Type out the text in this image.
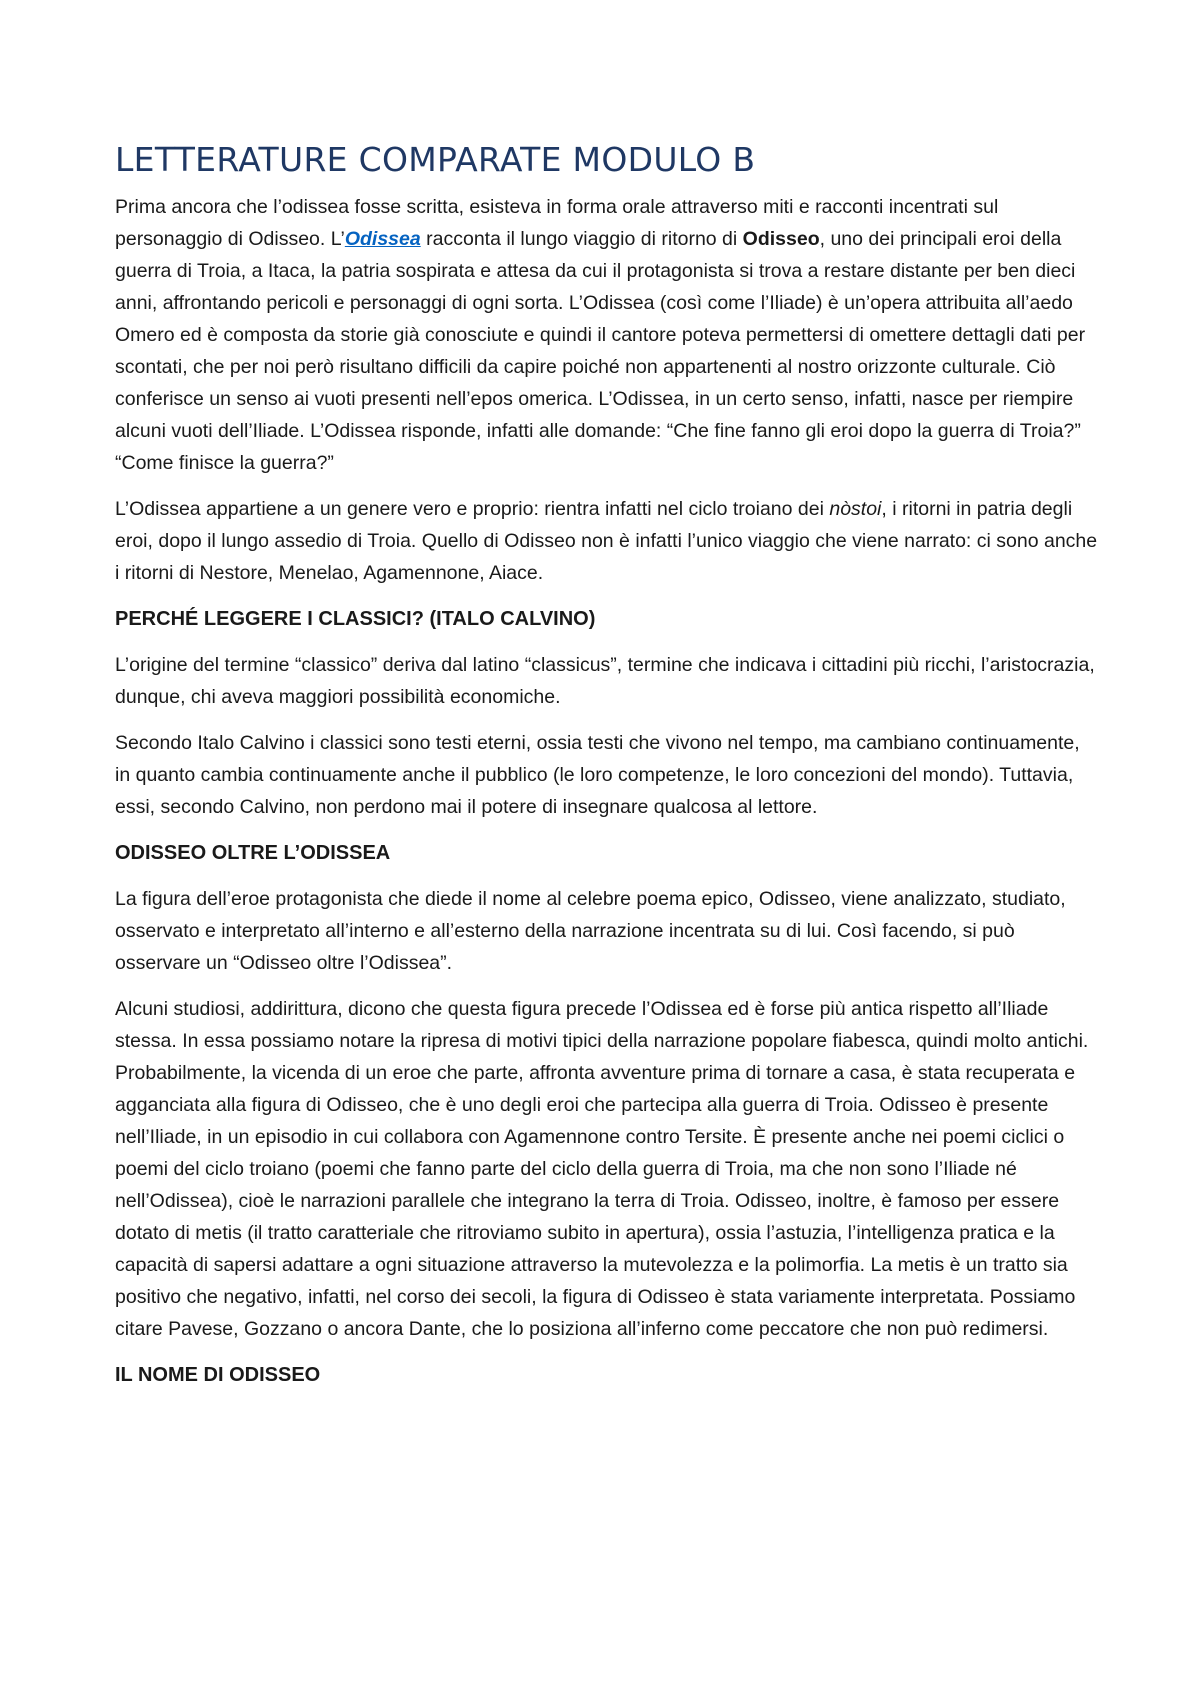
LETTERATURE COMPARATE MODULO B

Prima ancora che l’odissea fosse scritta, esisteva in forma orale attraverso miti e racconti incentrati sul personaggio di Odisseo. L’Odissea racconta il lungo viaggio di ritorno di Odisseo, uno dei principali eroi della guerra di Troia, a Itaca, la patria sospirata e attesa da cui il protagonista si trova a restare distante per ben dieci anni, affrontando pericoli e personaggi di ogni sorta. L’Odissea (così come l’Iliade) è un’opera attribuita all’aedo Omero ed è composta da storie già conosciute e quindi il cantore poteva permettersi di omettere dettagli dati per scontati, che per noi però risultano difficili da capire poiché non appartenenti al nostro orizzonte culturale. Ciò conferisce un senso ai vuoti presenti nell’epos omerica. L’Odissea, in un certo senso, infatti, nasce per riempire alcuni vuoti dell’Iliade. L’Odissea risponde, infatti alle domande: “Che fine fanno gli eroi dopo la guerra di Troia?” “Come finisce la guerra?”

L’Odissea appartiene a un genere vero e proprio: rientra infatti nel ciclo troiano dei nòstoi, i ritorni in patria degli eroi, dopo il lungo assedio di Troia. Quello di Odisseo non è infatti l’unico viaggio che viene narrato: ci sono anche i ritorni di Nestore, Menelao, Agamennone, Aiace.

PERCHÉ LEGGERE I CLASSICI? (ITALO CALVINO)

L’origine del termine “classico” deriva dal latino “classicus”, termine che indicava i cittadini più ricchi, l’aristocrazia, dunque, chi aveva maggiori possibilità economiche.

Secondo Italo Calvino i classici sono testi eterni, ossia testi che vivono nel tempo, ma cambiano continuamente, in quanto cambia continuamente anche il pubblico (le loro competenze, le loro concezioni del mondo). Tuttavia, essi, secondo Calvino, non perdono mai il potere di insegnare qualcosa al lettore.

ODISSEO OLTRE L’ODISSEA

La figura dell’eroe protagonista che diede il nome al celebre poema epico, Odisseo, viene analizzato, studiato, osservato e interpretato all’interno e all’esterno della narrazione incentrata su di lui. Così facendo, si può osservare un “Odisseo oltre l’Odissea”.

Alcuni studiosi, addirittura, dicono che questa figura precede l’Odissea ed è forse più antica rispetto all’Iliade stessa. In essa possiamo notare la ripresa di motivi tipici della narrazione popolare fiabesca, quindi molto antichi. Probabilmente, la vicenda di un eroe che parte, affronta avventure prima di tornare a casa, è stata recuperata e agganciata alla figura di Odisseo, che è uno degli eroi che partecipa alla guerra di Troia. Odisseo è presente nell’Iliade, in un episodio in cui collabora con Agamennone contro Tersite. È presente anche nei poemi ciclici o poemi del ciclo troiano (poemi che fanno parte del ciclo della guerra di Troia, ma che non sono l’Iliade né nell’Odissea), cioè le narrazioni parallele che integrano la terra di Troia. Odisseo, inoltre, è famoso per essere dotato di metis (il tratto caratteriale che ritroviamo subito in apertura), ossia l’astuzia, l’intelligenza pratica e la capacità di sapersi adattare a ogni situazione attraverso la mutevolezza e la polimorfia. La metis è un tratto sia positivo che negativo, infatti, nel corso dei secoli, la figura di Odisseo è stata variamente interpretata. Possiamo citare Pavese, Gozzano o ancora Dante, che lo posiziona all’inferno come peccatore che non può redimersi.

IL NOME DI ODISSEO
